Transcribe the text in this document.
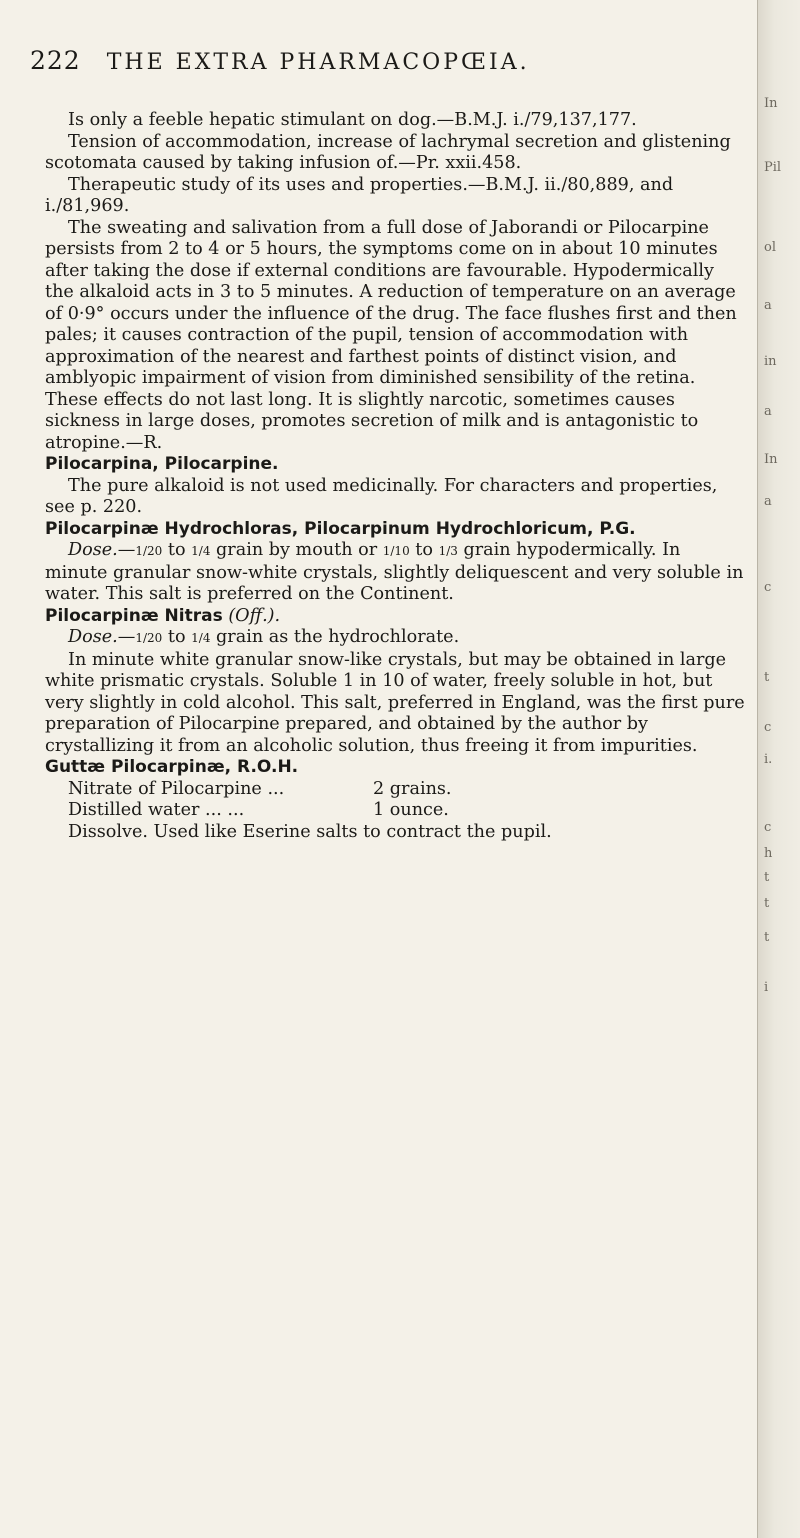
In
Pil
ol
a
in
a
In
a
c
t
c
i.
c
h
t
t
t
i
222 THE EXTRA PHARMACOPŒIA.

Is only a feeble hepatic stimulant on dog.—B.M.J. i./79,137,177.

Tension of accommodation, increase of lachrymal secretion and glistening scotomata caused by taking infusion of.—Pr. xxii.458.

Therapeutic study of its uses and properties.—B.M.J. ii./80,889, and i./81,969.

The sweating and salivation from a full dose of Jaborandi or Pilocarpine persists from 2 to 4 or 5 hours, the symptoms come on in about 10 minutes after taking the dose if external conditions are favourable. Hypodermically the alkaloid acts in 3 to 5 minutes. A reduction of temperature on an average of 0·9° occurs under the influence of the drug. The face flushes first and then pales; it causes contraction of the pupil, tension of accommodation with approximation of the nearest and farthest points of distinct vision, and amblyopic impairment of vision from diminished sensibility of the retina. These effects do not last long. It is slightly narcotic, sometimes causes sickness in large doses, promotes secretion of milk and is antagonistic to atropine.—R.

Pilocarpina, Pilocarpine.

The pure alkaloid is not used medicinally. For characters and properties, see p. 220.

Pilocarpinæ Hydrochloras, Pilocarpinum Hydrochloricum, P.G.

Dose.—1/20 to 1/4 grain by mouth or 1/10 to 1/3 grain hypodermically. In minute granular snow-white crystals, slightly deliquescent and very soluble in water. This salt is preferred on the Continent.

Pilocarpinæ Nitras (Off.).

Dose.—1/20 to 1/4 grain as the hydrochlorate.

In minute white granular snow-like crystals, but may be obtained in large white prismatic crystals. Soluble 1 in 10 of water, freely soluble in hot, but very slightly in cold alcohol. This salt, preferred in England, was the first pure preparation of Pilocarpine prepared, and obtained by the author by crystallizing it from an alcoholic solution, thus freeing it from impurities.

Guttæ Pilocarpinæ, R.O.H.

Nitrate of Pilocarpine ...	2 grains.
Distilled water ... ...	1 ounce.

Dissolve. Used like Eserine salts to contract the pupil.
